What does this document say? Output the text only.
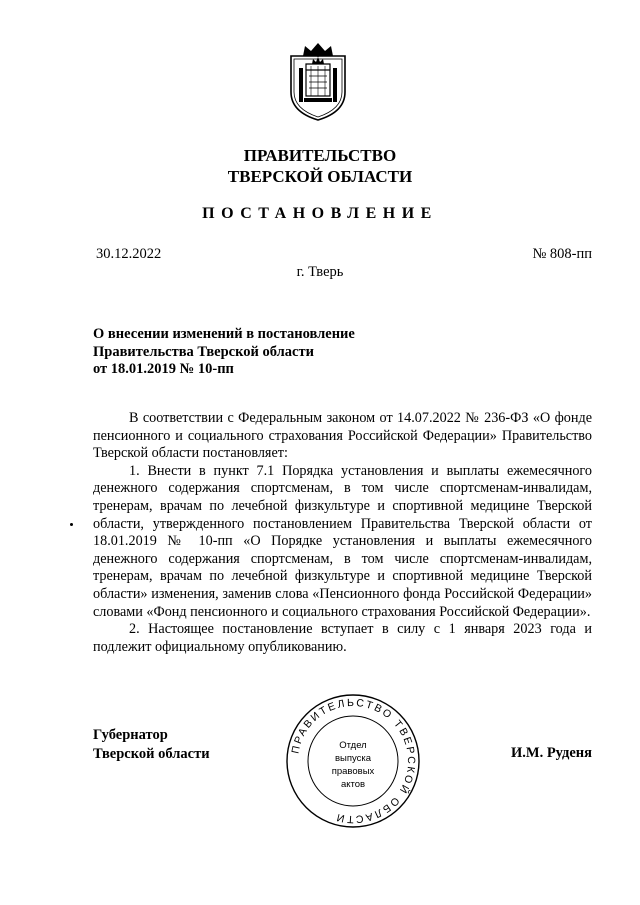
ПРАВИТЕЛЬСТВО
ТВЕРСКОЙ ОБЛАСТИ
ПОСТАНОВЛЕНИЕ
30.12.2022	№ 808-пп
г. Тверь
О внесении изменений в постановление
Правительства Тверской области
от 18.01.2019 № 10-пп

В соответствии с Федеральным законом от 14.07.2022 № 236-ФЗ «О фонде пенсионного и социального страхования Российской Федерации» Правительство Тверской области постановляет:

1. Внести в пункт 7.1 Порядка установления и выплаты ежемесячного денежного содержания спортсменам, в том числе спортсменам-инвалидам, тренерам, врачам по лечебной физкультуре и спортивной медицине Тверской области, утвержденного постановлением Правительства Тверской области от 18.01.2019 № 10-пп «О Порядке установления и выплаты ежемесячного денежного содержания спортсменам, в том числе спортсменам-инвалидам, тренерам, врачам по лечебной физкультуре и спортивной медицине Тверской области» изменения, заменив слова «Пенсионного фонда Российской Федерации» словами «Фонд пенсионного и социального страхования Российской Федерации».

2. Настоящее постановление вступает в силу с 1 января 2023 года и подлежит официальному опубликованию.

Губернатор
Тверской области	ПРАВИТЕЛЬСТВО ТВЕРСКОЙ ОБЛАСТИ
Отдел
выпуска
правовых
актов
И.М. Руденя
